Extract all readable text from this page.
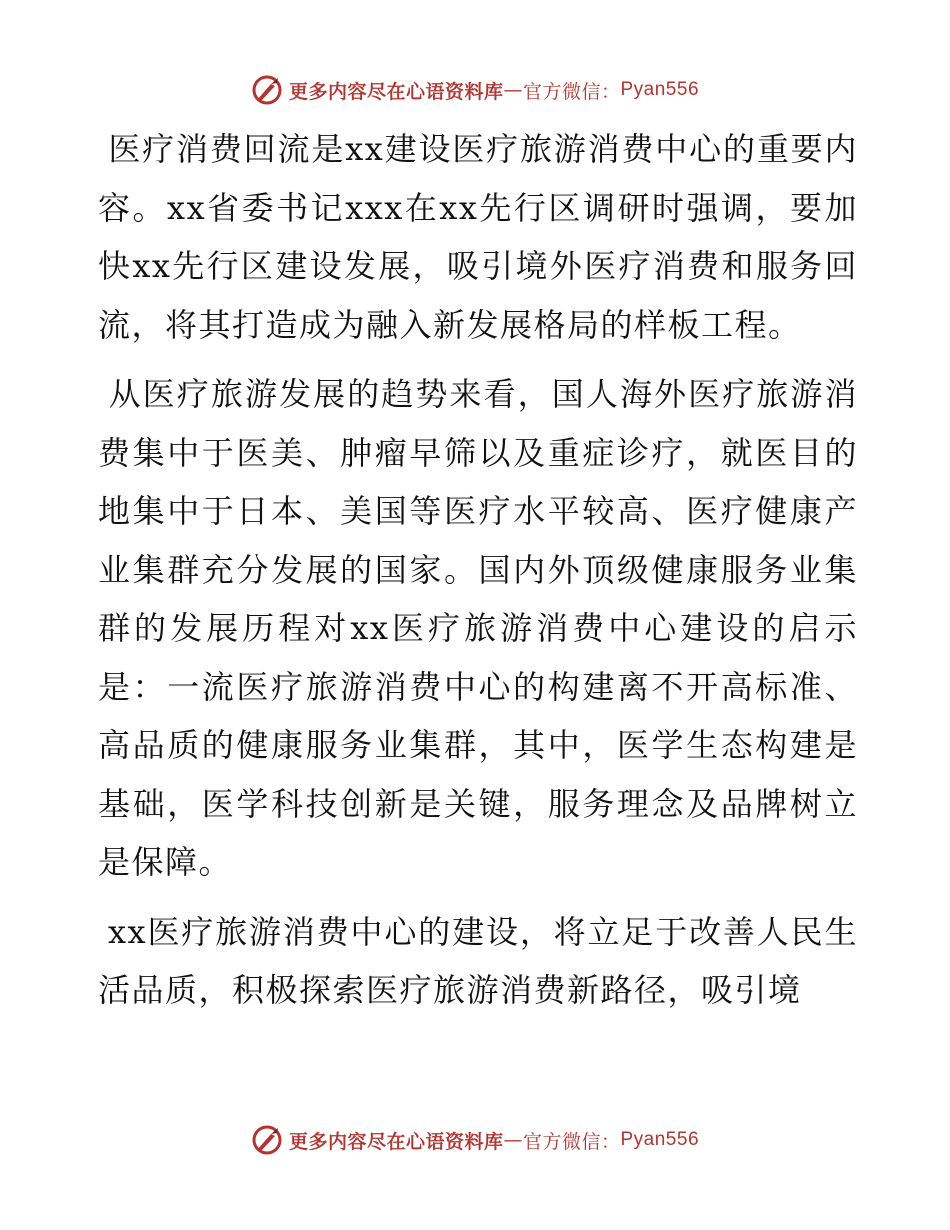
更多内容尽在心语资料库 — 官方微信： Pyan556

医疗消费回流是xx建设医疗旅游消费中心的重要内容。xx省委书记xxx在xx先行区调研时强调，要加快xx先行区建设发展，吸引境外医疗消费和服务回流，将其打造成为融入新发展格局的样板工程。

从医疗旅游发展的趋势来看，国人海外医疗旅游消费集中于医美、肿瘤早筛以及重症诊疗，就医目的地集中于日本、美国等医疗水平较高、医疗健康产业集群充分发展的国家。国内外顶级健康服务业集群的发展历程对xx医疗旅游消费中心建设的启示是：一流医疗旅游消费中心的构建离不开高标准、高品质的健康服务业集群，其中，医学生态构建是基础，医学科技创新是关键，服务理念及品牌树立是保障。

xx医疗旅游消费中心的建设，将立足于改善人民生活品质，积极探索医疗旅游消费新路径，吸引境

更多内容尽在心语资料库 — 官方微信： Pyan556
